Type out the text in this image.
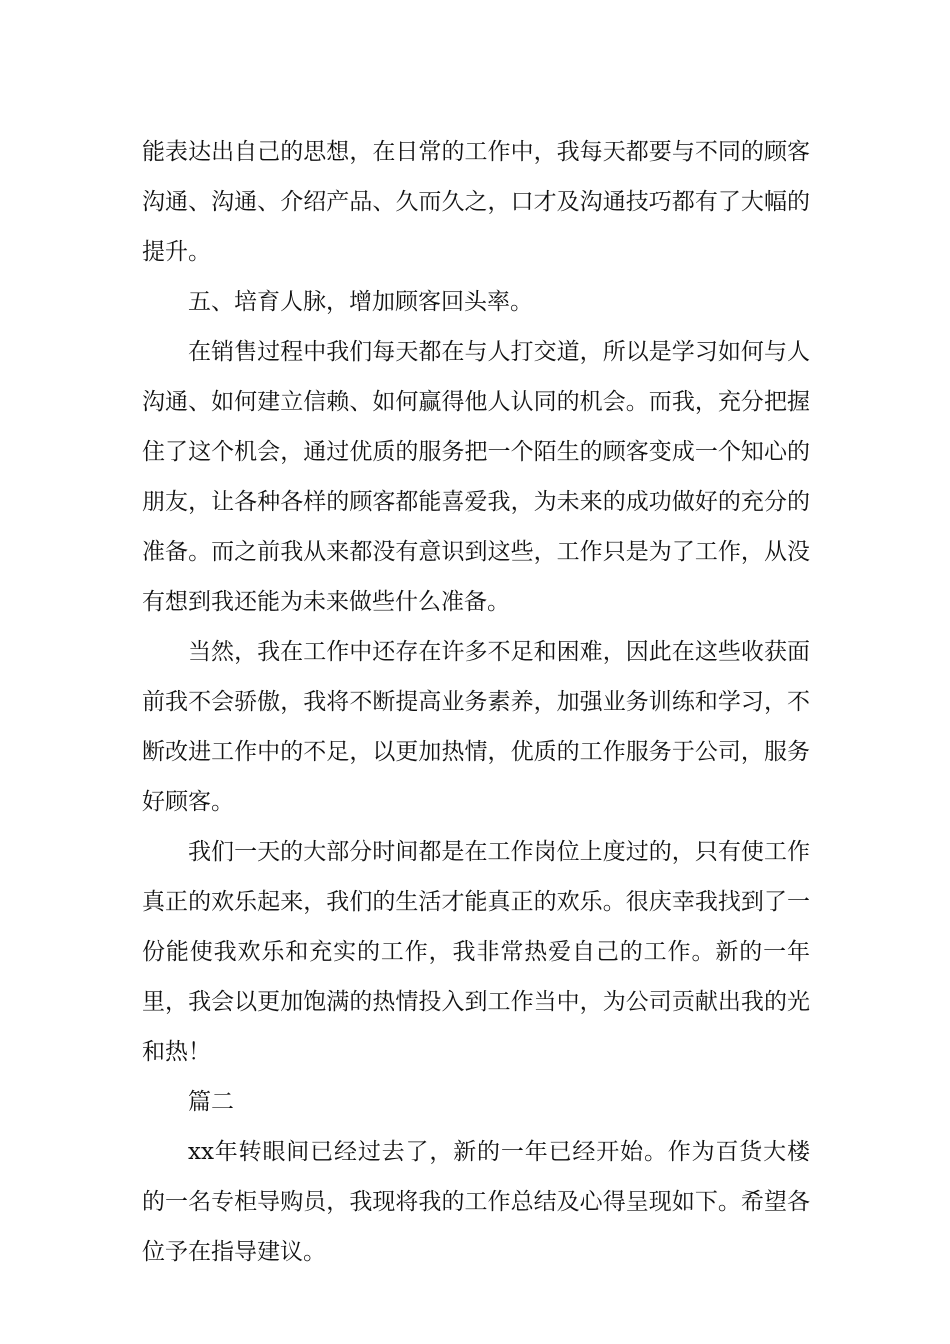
能表达出自己的思想，在日常的工作中，我每天都要与不同的顾客沟通、沟通、介绍产品、久而久之，口才及沟通技巧都有了大幅的提升。

五、培育人脉，增加顾客回头率。

在销售过程中我们每天都在与人打交道，所以是学习如何与人沟通、如何建立信赖、如何赢得他人认同的机会。而我，充分把握住了这个机会，通过优质的服务把一个陌生的顾客变成一个知心的朋友，让各种各样的顾客都能喜爱我，为未来的成功做好的充分的准备。而之前我从来都没有意识到这些，工作只是为了工作，从没有想到我还能为未来做些什么准备。

当然，我在工作中还存在许多不足和困难，因此在这些收获面前我不会骄傲，我将不断提高业务素养，加强业务训练和学习，不断改进工作中的不足，以更加热情，优质的工作服务于公司，服务好顾客。

我们一天的大部分时间都是在工作岗位上度过的，只有使工作真正的欢乐起来，我们的生活才能真正的欢乐。很庆幸我找到了一份能使我欢乐和充实的工作，我非常热爱自己的工作。新的一年里，我会以更加饱满的热情投入到工作当中，为公司贡献出我的光和热！

篇二

xx年转眼间已经过去了，新的一年已经开始。作为百货大楼的一名专柜导购员，我现将我的工作总结及心得呈现如下。希望各位予在指导建议。
